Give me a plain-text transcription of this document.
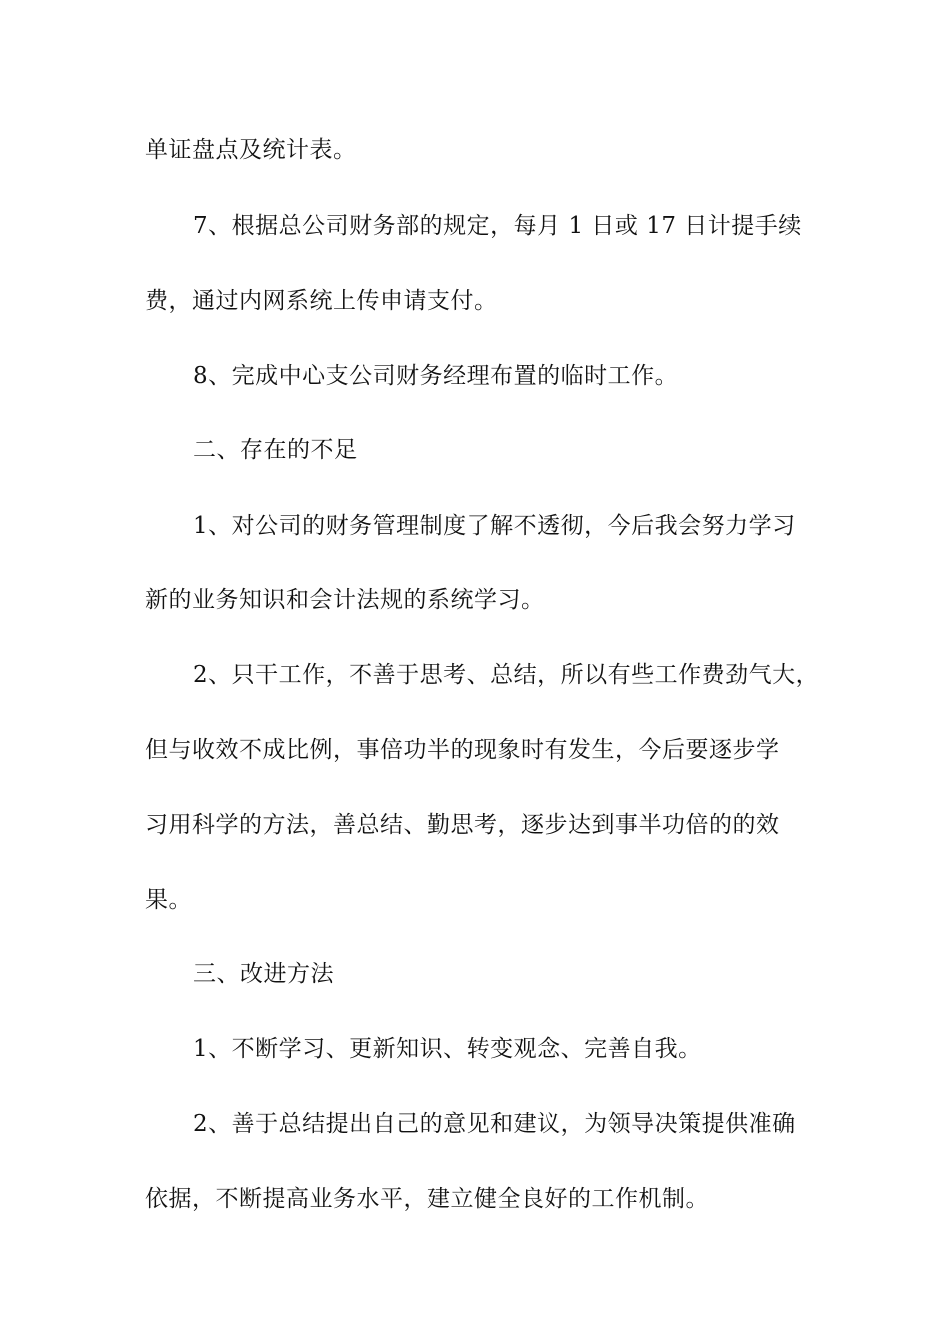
单证盘点及统计表。
7、根据总公司财务部的规定，每月 1 日或 17 日计提手续
费，通过内网系统上传申请支付。
8、完成中心支公司财务经理布置的临时工作。
二、存在的不足
1、对公司的财务管理制度了解不透彻，今后我会努力学习
新的业务知识和会计法规的系统学习。
2、只干工作，不善于思考、总结，所以有些工作费劲气大，
但与收效不成比例，事倍功半的现象时有发生，今后要逐步学
习用科学的方法，善总结、勤思考，逐步达到事半功倍的的效
果。
三、改进方法
1、不断学习、更新知识、转变观念、完善自我。
2、善于总结提出自己的意见和建议，为领导决策提供准确
依据，不断提高业务水平，建立健全良好的工作机制。
